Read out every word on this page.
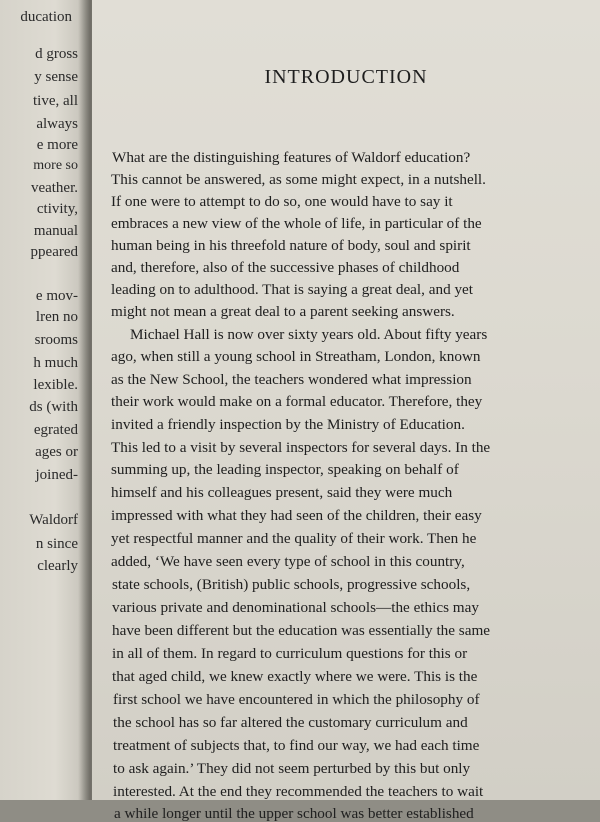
ducation
d gross
y sense
tive, all
always
e more
more so
veather.
ctivity,
manual
ppeared
e mov-
lren no
srooms
h much
lexible.
ds (with
egrated
ages or
joined-
Waldorf
n since
clearly
INTRODUCTION
What are the distinguishing features of Waldorf education?
This cannot be answered, as some might expect, in a nutshell.
If one were to attempt to do so, one would have to say it
embraces a new view of the whole of life, in particular of the
human being in his threefold nature of body, soul and spirit
and, therefore, also of the successive phases of childhood
leading on to adulthood. That is saying a great deal, and yet
might not mean a great deal to a parent seeking answers.
Michael Hall is now over sixty years old. About fifty years
ago, when still a young school in Streatham, London, known
as the New School, the teachers wondered what impression
their work would make on a formal educator. Therefore, they
invited a friendly inspection by the Ministry of Education.
This led to a visit by several inspectors for several days. In the
summing up, the leading inspector, speaking on behalf of
himself and his colleagues present, said they were much
impressed with what they had seen of the children, their easy
yet respectful manner and the quality of their work. Then he
added, ‘We have seen every type of school in this country,
state schools, (British) public schools, progressive schools,
various private and denominational schools—the ethics may
have been different but the education was essentially the same
in all of them. In regard to curriculum questions for this or
that aged child, we knew exactly where we were. This is the
first school we have encountered in which the philosophy of
the school has so far altered the customary curriculum and
treatment of subjects that, to find our way, we had each time
to ask again.’ They did not seem perturbed by this but only
interested. At the end they recommended the teachers to wait
a while longer until the upper school was better established
